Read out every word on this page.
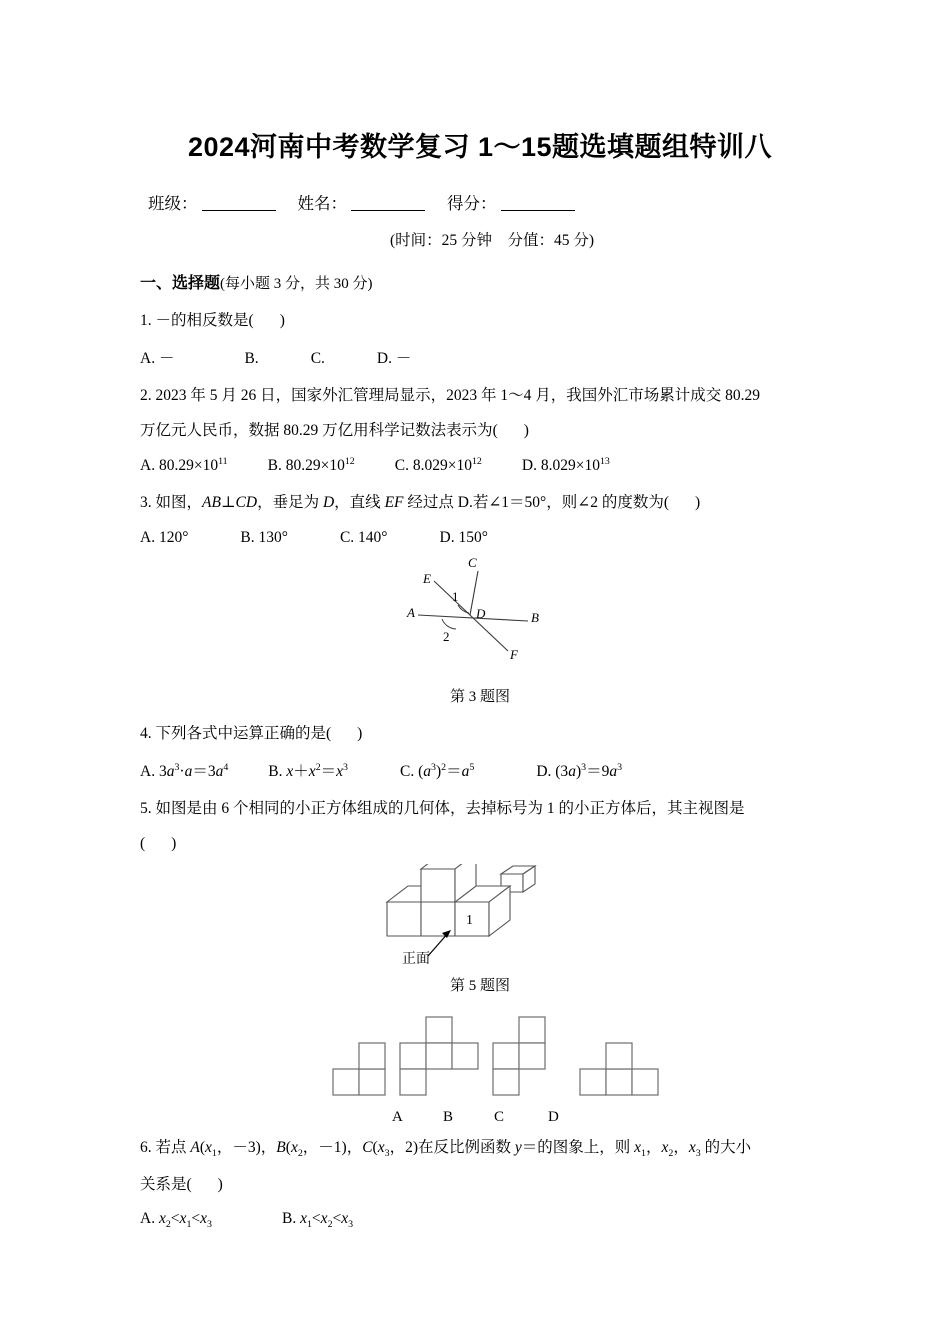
2024河南中考数学复习 1～15题选填题组特训八
班级：	姓名：	得分：
(时间：25 分钟　分值：45 分)
一、选择题(每小题 3 分，共 30 分)
1. －的相反数是( )
A. －	B.	C.	D. －
2. 2023 年 5 月 26 日，国家外汇管理局显示，2023 年 1～4 月，我国外汇市场累计成交 80.29
万亿元人民币，数据 80.29 万亿用科学记数法表示为( )
A. $80.29\times 10^{11}$	B. $80.29\times 10^{12}$	C. $8.029\times 10^{12}$	D. $8.029\times 10^{13}$
3. 如图，AB⊥CD，垂足为 D，直线 EF 经过点 D.若∠1＝50°，则∠2 的度数为( )
A. 120°	B. 130°	C. 140°	D. 150°
C
E
A	B
F
D
1
2
第 3 题图
4. 下列各式中运算正确的是( )
A. $3a^3\cdot a=3a^4$	B. $x+x^2=x^3$	C. $(a^3)^2=a^5$	D. $(3a)^3=9a^3$
5. 如图是由 6 个相同的小正方体组成的几何体，去掉标号为 1 的小正方体后，其主视图是
( )
1
正面
第 5 题图
A	B	C	D
6. 若点 $A(x_1$，－3)，$B(x_2$，－1)，$C(x_3$，2)在反比例函数 y＝的图象上，则 $x_1$，$x_2$，$x_3$ 的大小
关系是( )
A. $x_2<x_1<x_3$	B. $x_1<x_2<x_3$
